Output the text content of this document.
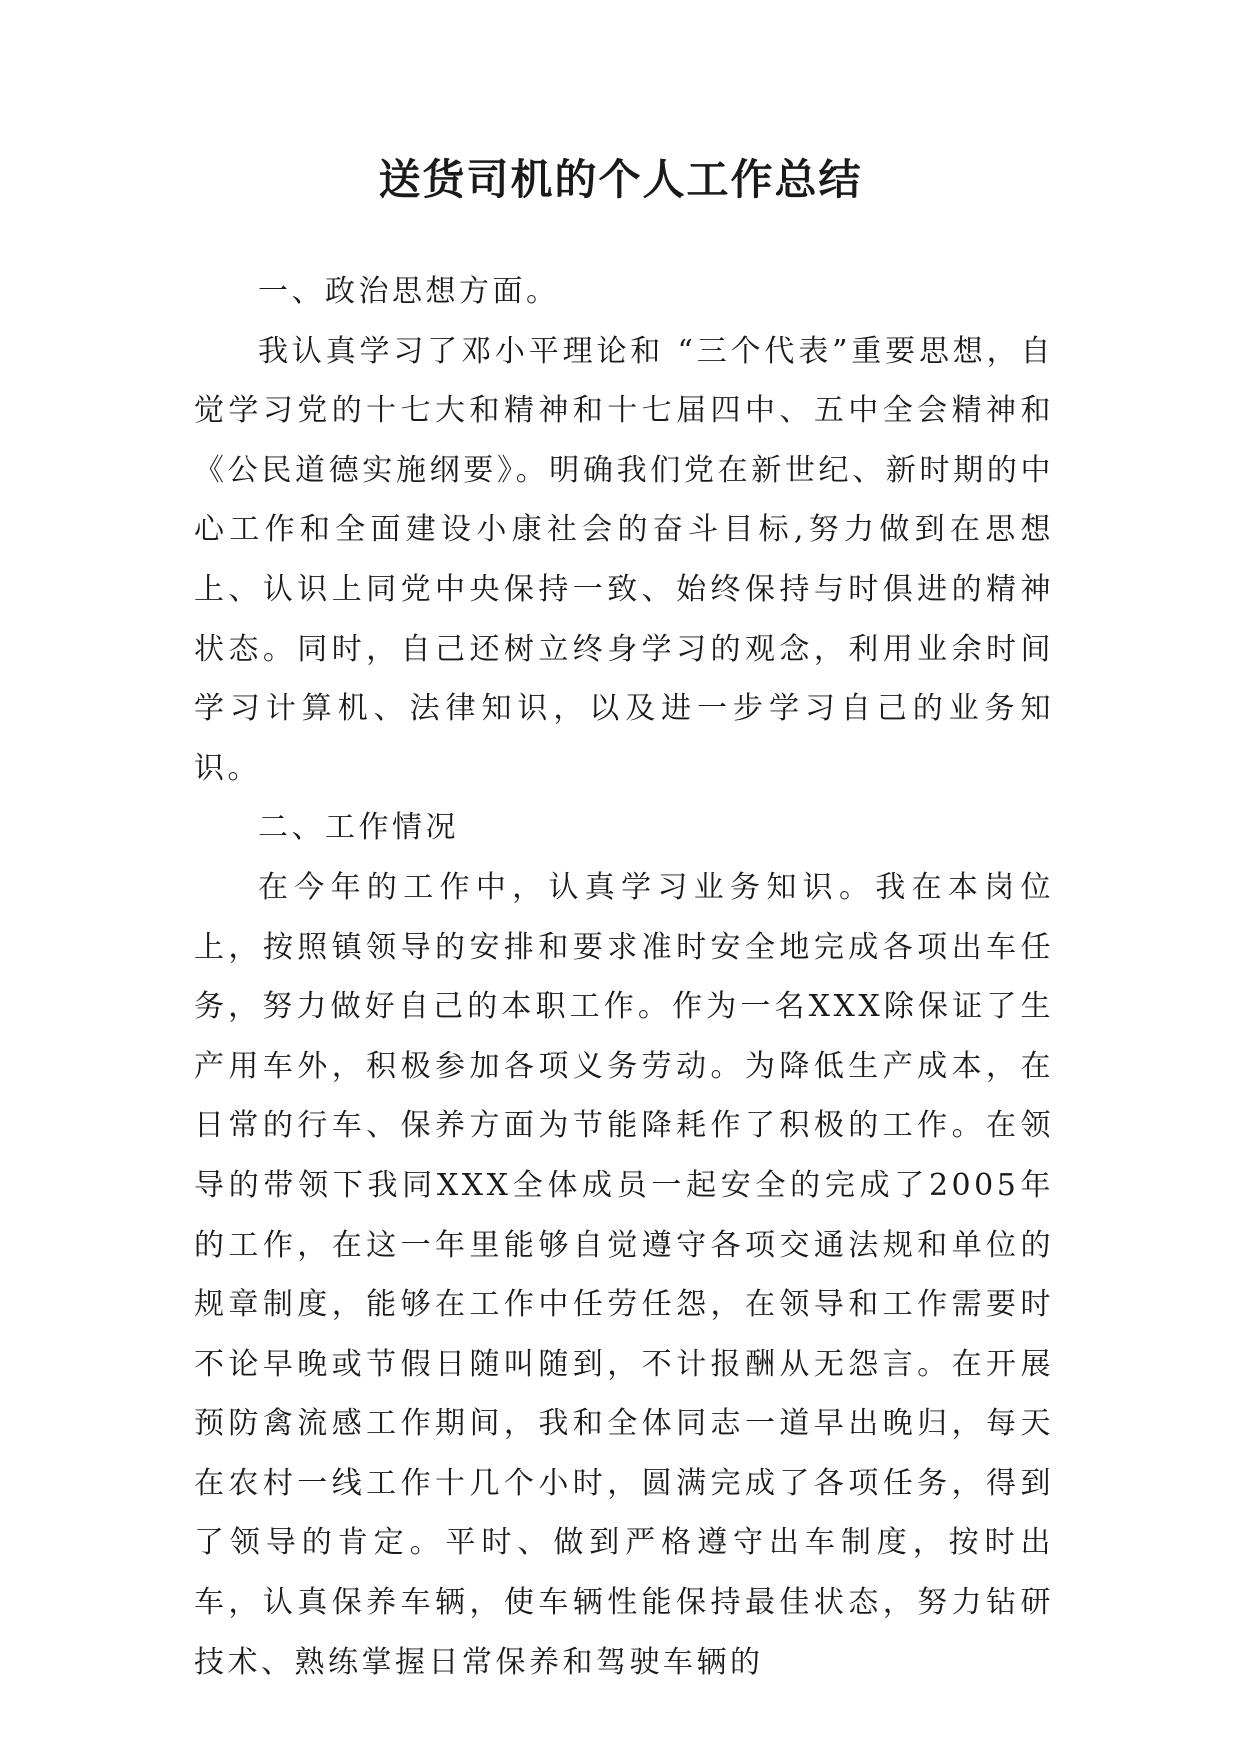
送货司机的个人工作总结

一、政治思想方面。

我认真学习了邓小平理论和 “三个代表”重要思想，自觉学习党的十七大和精神和十七届四中、五中全会精神和《公民道德实施纲要》。明确我们党在新世纪、新时期的中心工作和全面建设小康社会的奋斗目标,努力做到在思想上、认识上同党中央保持一致、始终保持与时俱进的精神状态。同时，自己还树立终身学习的观念，利用业余时间学习计算机、法律知识，以及进一步学习自己的业务知识。

二、工作情况

在今年的工作中，认真学习业务知识。我在本岗位上，按照镇领导的安排和要求准时安全地完成各项出车任务，努力做好自己的本职工作。作为一名XXX除保证了生产用车外，积极参加各项义务劳动。为降低生产成本，在日常的行车、保养方面为节能降耗作了积极的工作。在领导的带领下我同XXX全体成员一起安全的完成了2005年的工作，在这一年里能够自觉遵守各项交通法规和单位的规章制度，能够在工作中任劳任怨，在领导和工作需要时不论早晚或节假日随叫随到，不计报酬从无怨言。在开展预防禽流感工作期间，我和全体同志一道早出晚归，每天在农村一线工作十几个小时，圆满完成了各项任务，得到了领导的肯定。平时、做到严格遵守出车制度，按时出车，认真保养车辆，使车辆性能保持最佳状态，努力钻研技术、熟练掌握日常保养和驾驶车辆的
